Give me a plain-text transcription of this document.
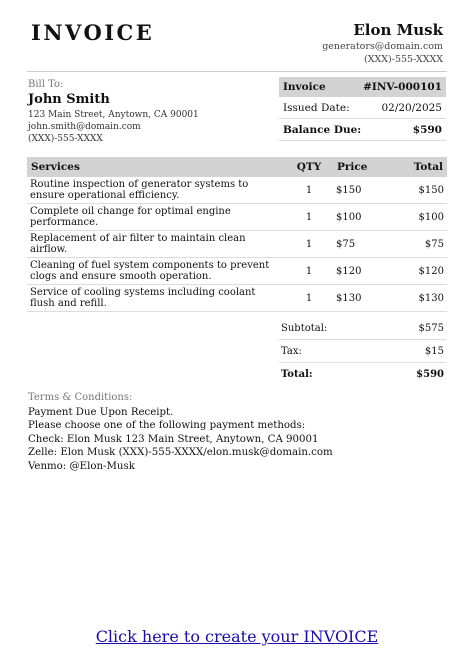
INVOICE	Elon Musk
generators@domain.com
(XXX)-555-XXXX
Bill To:
John Smith
123 Main Street, Anytown, CA 90001
john.smith@domain.com
(XXX)-555-XXXX
Invoice	#INV-000101
Issued Date:	02/20/2025
Balance Due:	$590
Services	QTY	Price	Total
Routine inspection of generator systems to ensure operational efficiency.	1	$150	$150
Complete oil change for optimal engine performance.	1	$100	$100
Replacement of air filter to maintain clean airflow.	1	$75	$75
Cleaning of fuel system components to prevent clogs and ensure smooth operation.	1	$120	$120
Service of cooling systems including coolant flush and refill.	1	$130	$130
Subtotal:	$575
Tax:	$15
Total:	$590
Terms & Conditions:
Payment Due Upon Receipt.
Please choose one of the following payment methods:
Check: Elon Musk 123 Main Street, Anytown, CA 90001
Zelle: Elon Musk (XXX)-555-XXXX/elon.musk@domain.com
Venmo: @Elon-Musk
Click here to create your INVOICE
